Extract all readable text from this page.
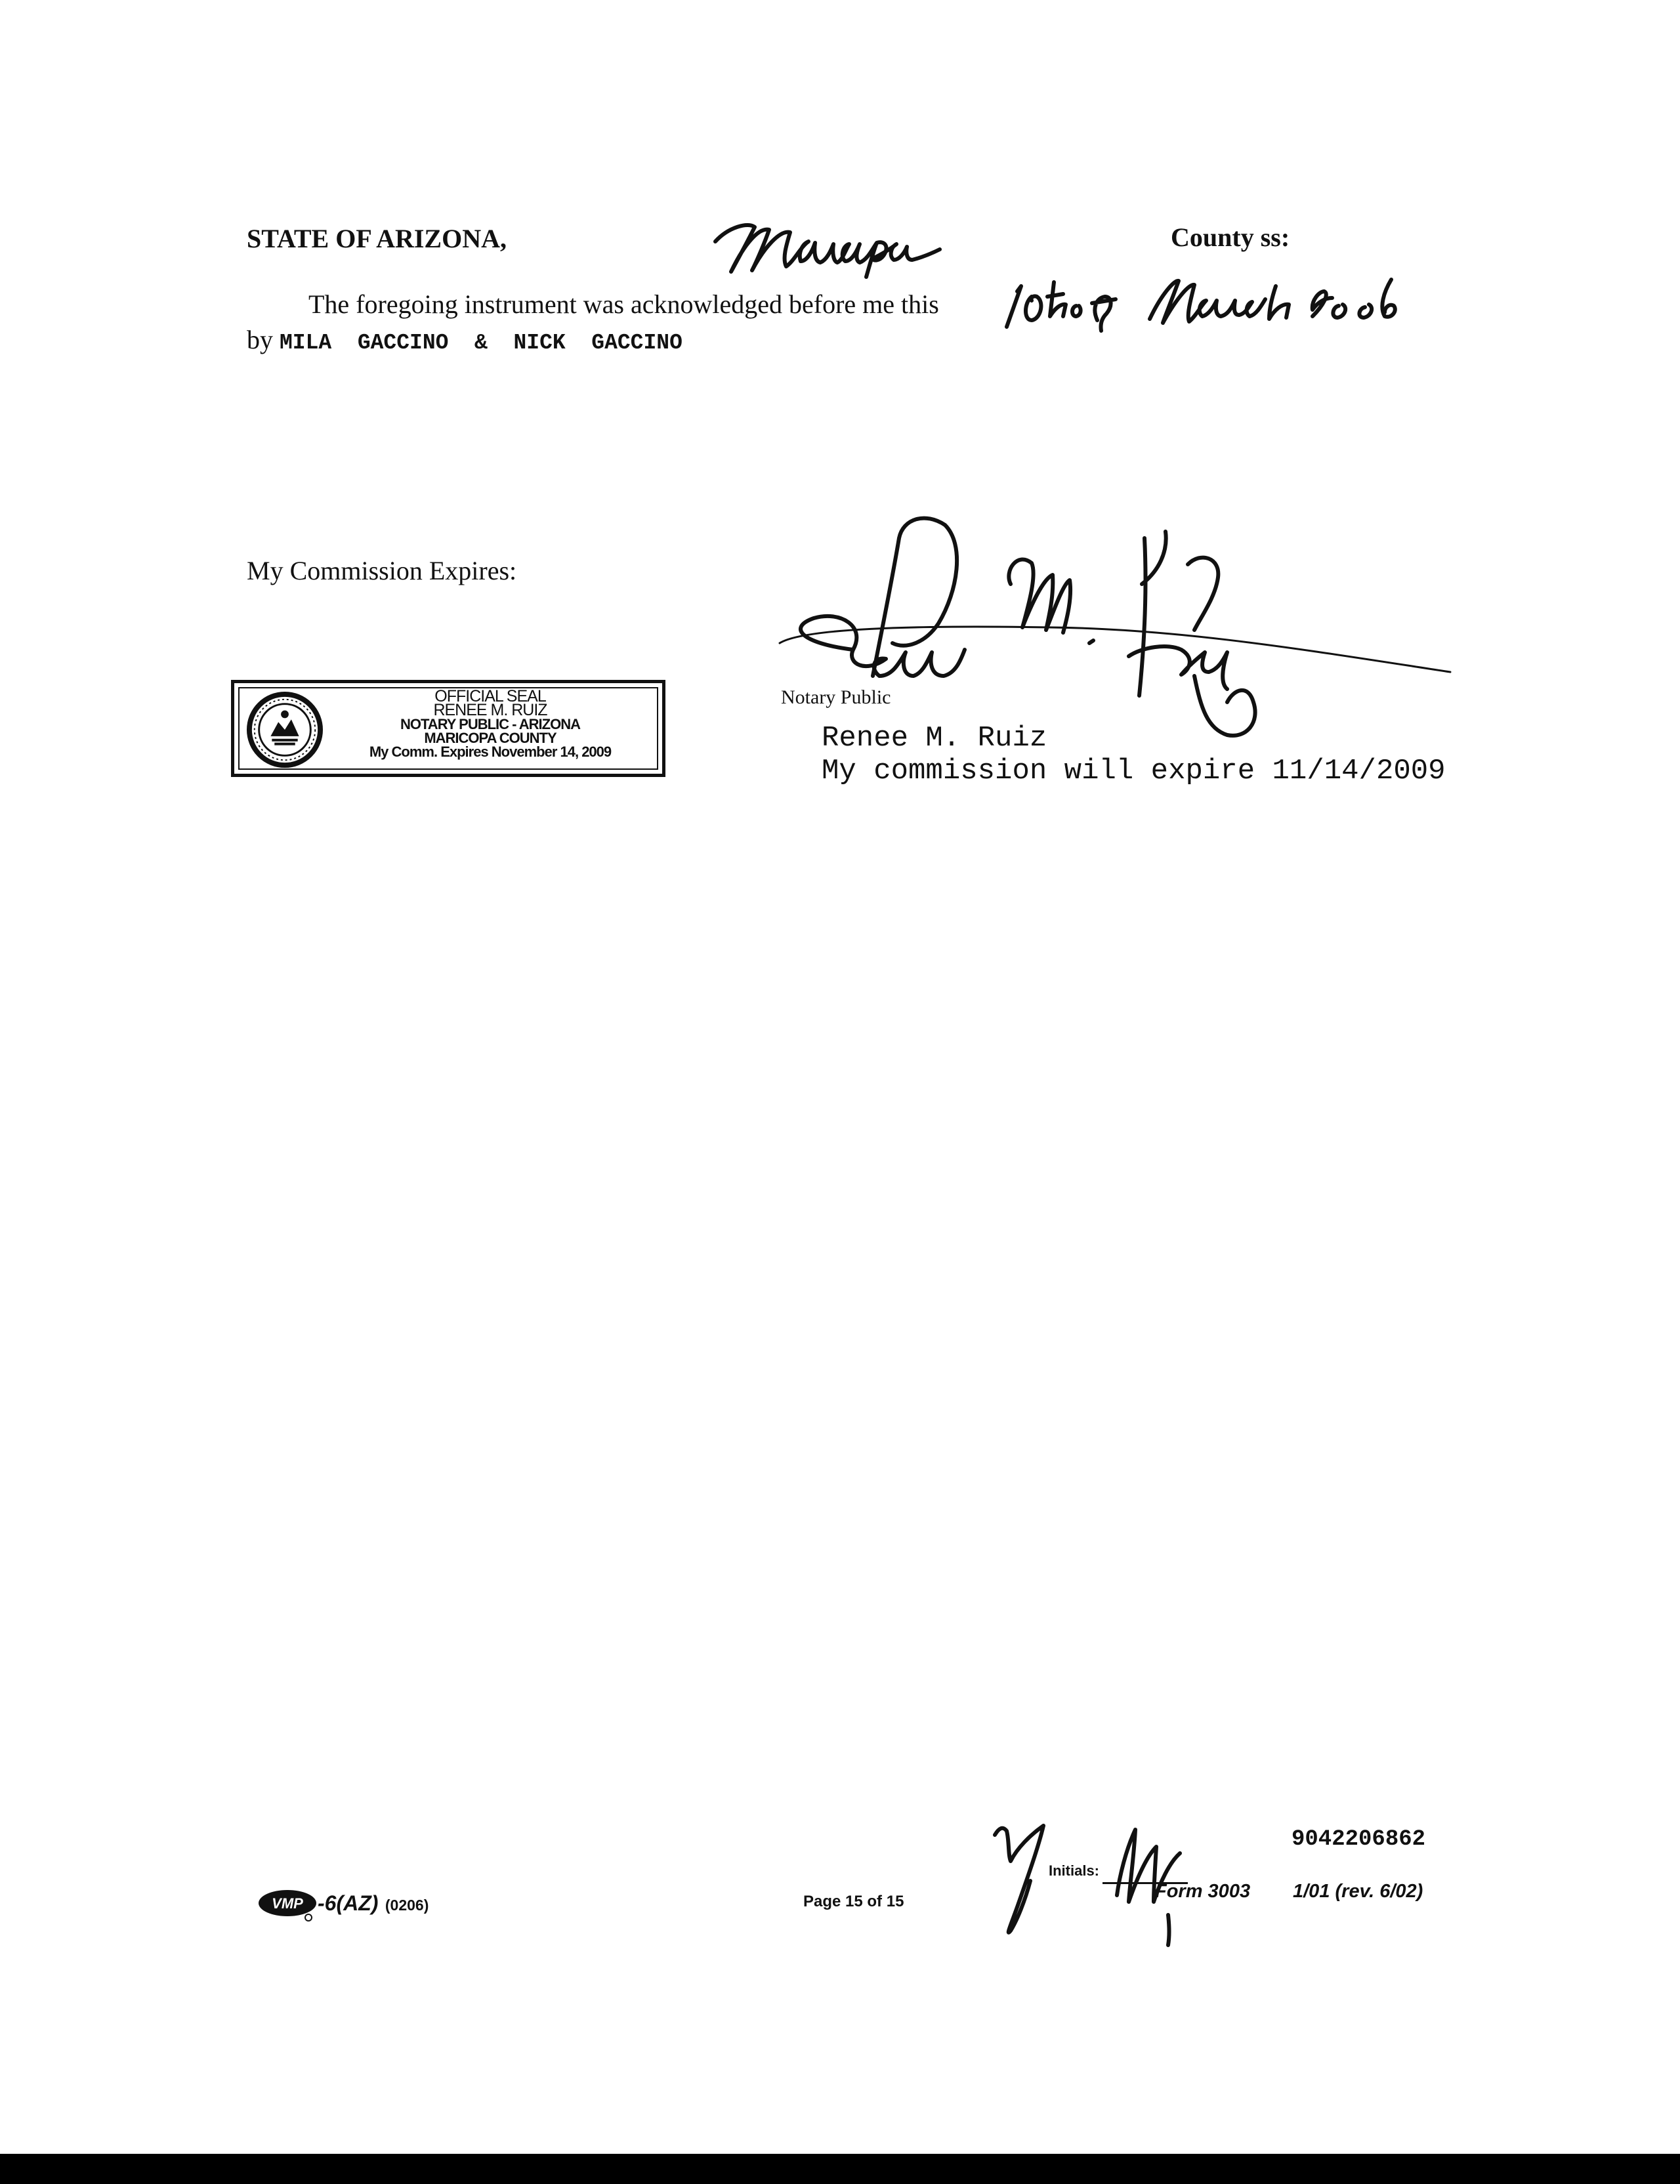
STATE OF ARIZONA,	County ss:
The foregoing instrument was acknowledged before me this
by MILA  GACCINO  &  NICK  GACCINO
My Commission Expires:
OFFICIAL SEAL
RENEE M. RUIZ
NOTARY PUBLIC - ARIZONA
MARICOPA COUNTY
My Comm. Expires November 14, 2009
Notary Public
Renee M. Ruiz
My commission will expire 11/14/2009
VMP -6(AZ) (0206)	Page 15 of 15
Initials:
9042206862
Form 3003 1/01 (rev. 6/02)
